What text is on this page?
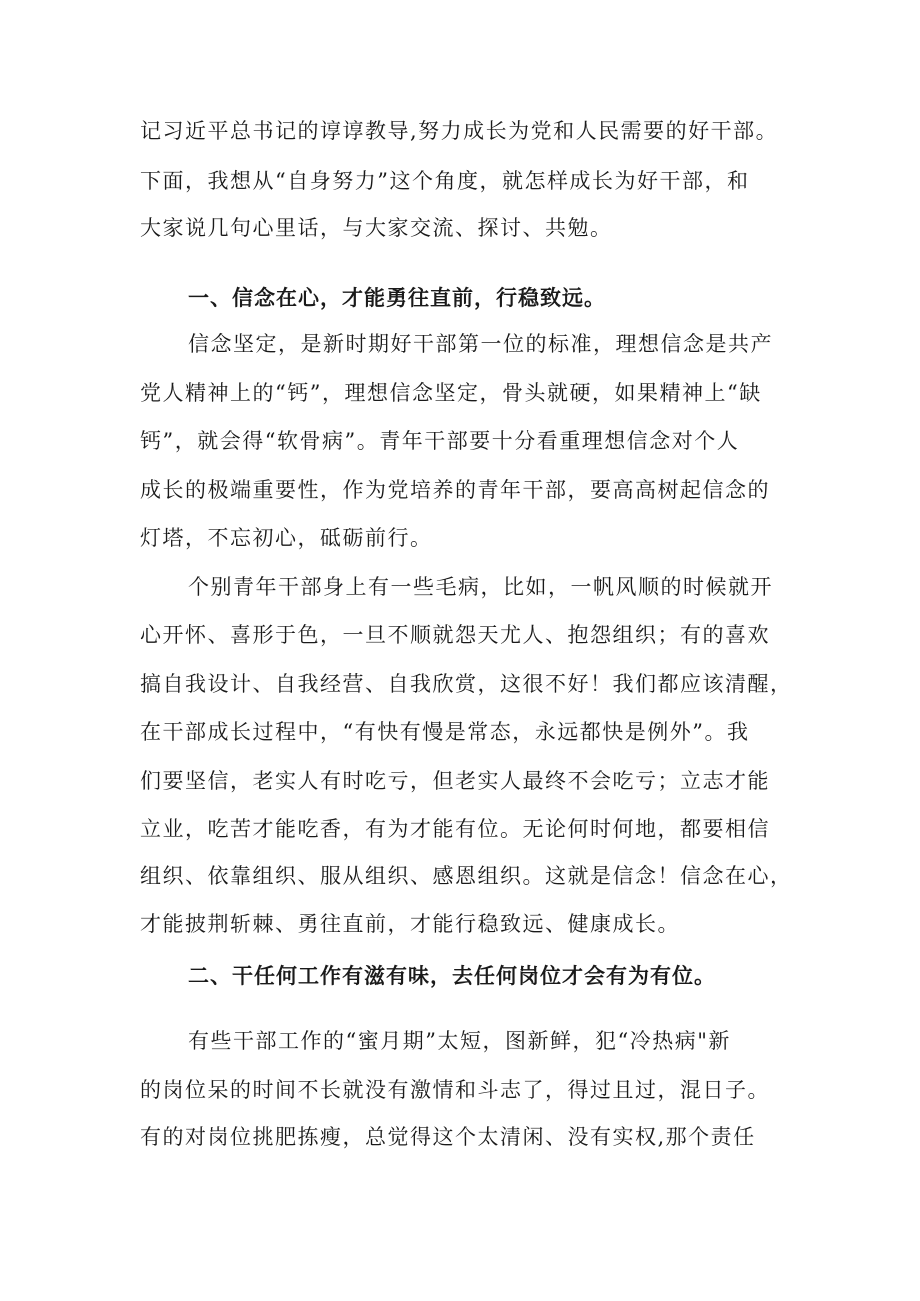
记习近平总书记的谆谆教导,努力成长为党和人民需要的好干部。
下面，我想从“自身努力”这个角度，就怎样成长为好干部，和
大家说几句心里话，与大家交流、探讨、共勉。
一、信念在心，才能勇往直前，行稳致远。
信念坚定，是新时期好干部第一位的标准，理想信念是共产
党人精神上的“钙”，理想信念坚定，骨头就硬，如果精神上“缺
钙”，就会得“软骨病”。青年干部要十分看重理想信念对个人
成长的极端重要性，作为党培养的青年干部，要高高树起信念的
灯塔，不忘初心，砥砺前行。
个别青年干部身上有一些毛病，比如，一帆风顺的时候就开
心开怀、喜形于色，一旦不顺就怨天尤人、抱怨组织；有的喜欢
搞自我设计、自我经营、自我欣赏，这很不好！我们都应该清醒，
在干部成长过程中，“有快有慢是常态，永远都快是例外”。我
们要坚信，老实人有时吃亏，但老实人最终不会吃亏；立志才能
立业，吃苦才能吃香，有为才能有位。无论何时何地，都要相信
组织、依靠组织、服从组织、感恩组织。这就是信念！信念在心，
才能披荆斩棘、勇往直前，才能行稳致远、健康成长。
二、干任何工作有滋有味，去任何岗位才会有为有位。
有些干部工作的“蜜月期”太短，图新鲜，犯“冷热病"新
的岗位呆的时间不长就没有激情和斗志了，得过且过，混日子。
有的对岗位挑肥拣瘦，总觉得这个太清闲、没有实权,那个责任
